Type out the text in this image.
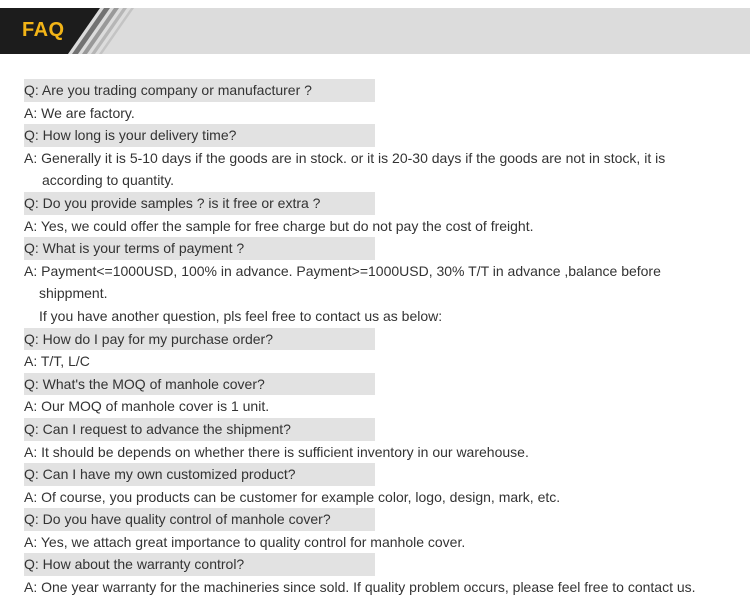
FAQ
Q: Are you trading company or manufacturer ?
A: We are factory.
Q: How long is your delivery time?
A: Generally it is 5-10 days if the goods are in stock. or it is 20-30 days if the goods are not in stock, it is
according to quantity.
Q: Do you provide samples ? is it free or extra ?
A: Yes, we could offer the sample for free charge but do not pay the cost of freight.
Q: What is your terms of payment ?
A: Payment<=1000USD, 100% in advance. Payment>=1000USD, 30% T/T in advance ,balance before
shippment.
If you have another question, pls feel free to contact us as below:
Q: How do I pay for my purchase order?
A: T/T, L/C
Q: What's the MOQ of manhole cover?
A: Our MOQ of manhole cover is 1 unit.
Q: Can I request to advance the shipment?
A: It should be depends on whether there is sufficient inventory in our warehouse.
Q: Can I have my own customized product?
A: Of course, you products can be customer for example color, logo, design, mark, etc.
Q: Do you have quality control of manhole cover?
A: Yes, we attach great importance to quality control for manhole cover.
Q: How about the warranty control?
A: One year warranty for the machineries since sold. If quality problem occurs, please feel free to contact us.
